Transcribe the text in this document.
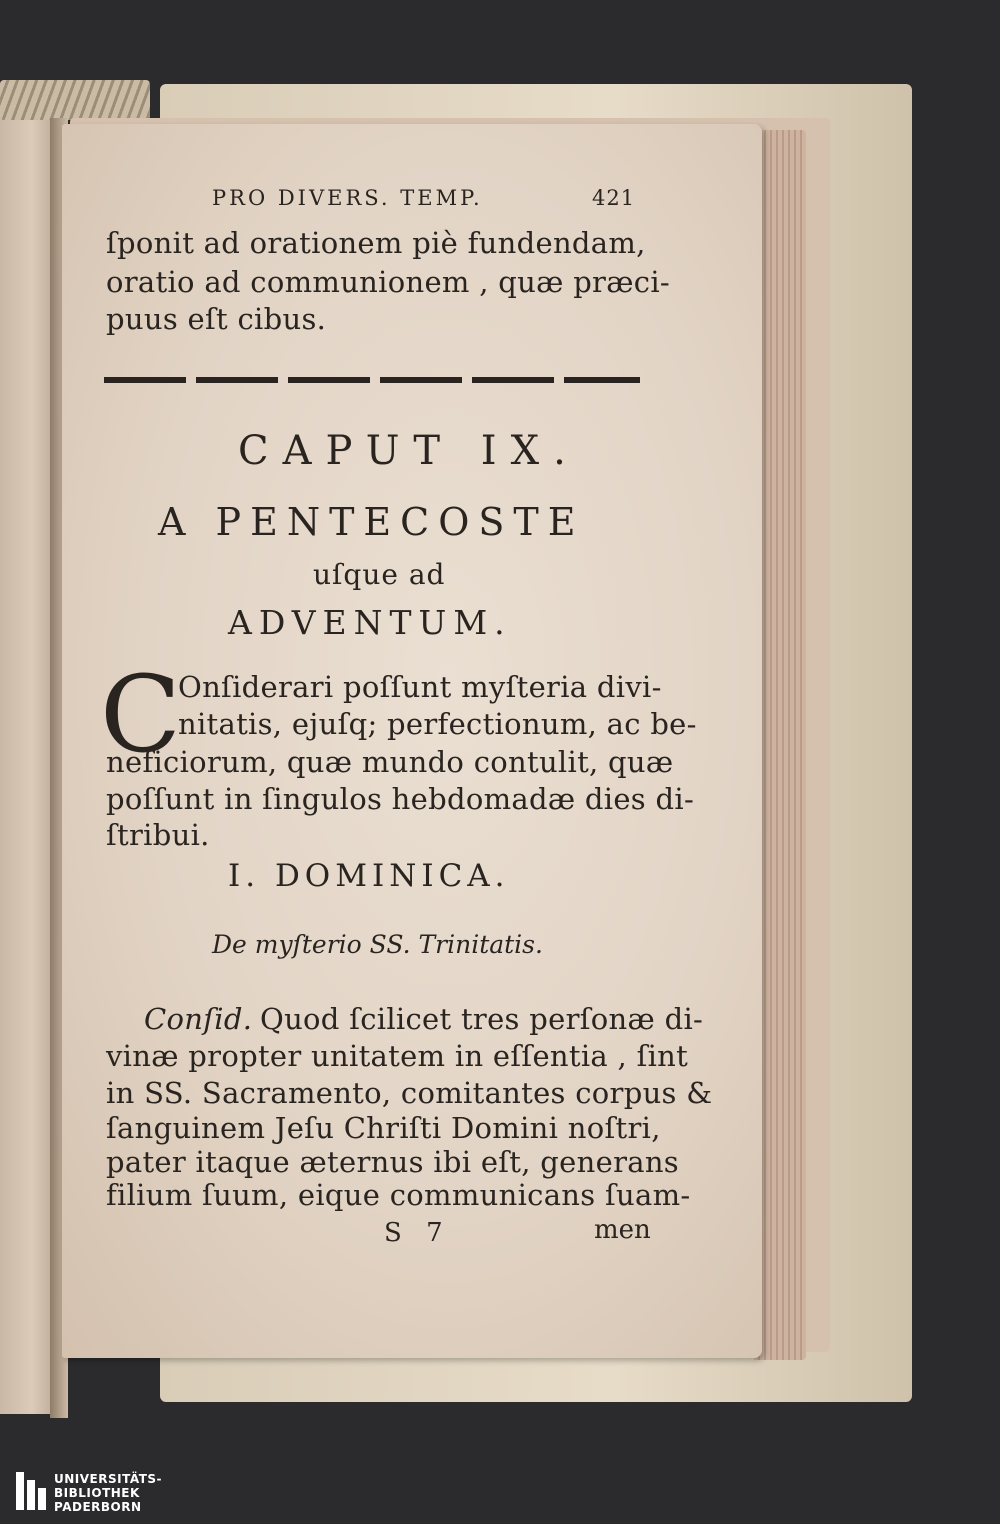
PRO DIVERS. TEMP.	421
ſponit ad orationem piè fundendam,
oratio ad communionem , quæ præci-
puus eſt cibus.
CAPUT IX.
A PENTECOSTE
uſque ad
ADVENTUM.
C
Onſiderari poſſunt myſteria divi-
nitatis, ejuſq; perfectionum, ac be-
neficiorum, quæ mundo contulit, quæ
poſſunt in ſingulos hebdomadæ dies di-
ſtribui.
I. DOMINICA.
De myſterio SS. Trinitatis.
Conſid. Quod ſcilicet tres perſonæ di-
vinæ propter unitatem in eſſentia , ſint
in SS. Sacramento, comitantes corpus &
ſanguinem Jeſu Chriſti Domini noſtri,
pater itaque æternus ibi eſt, generans
filium ſuum, eique communicans ſuam-
S 7	men
UNIVERSITÄTS-
BIBLIOTHEK
PADERBORN
